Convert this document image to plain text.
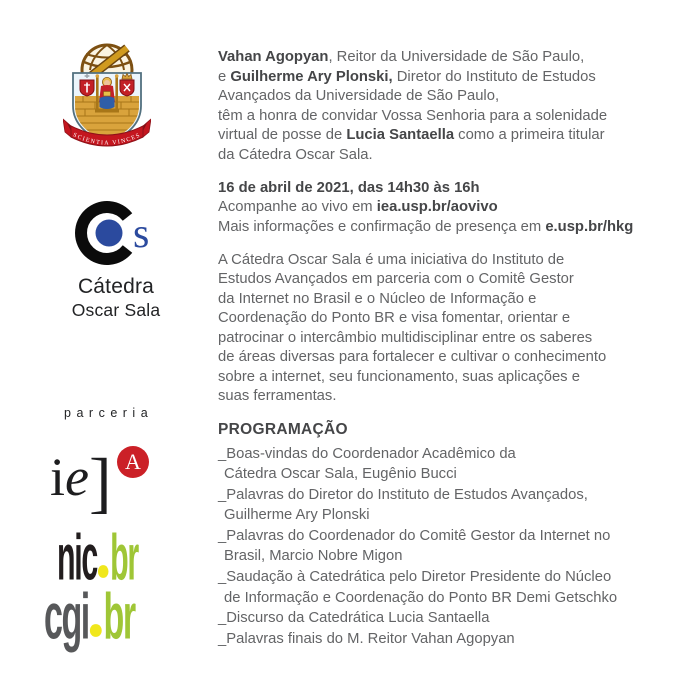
SCIENTIA VINCES
s
Cátedra
Oscar Sala
parceria
ie] A
nic br
cgi br
Vahan Agopyan, Reitor da Universidade de São Paulo,
e Guilherme Ary Plonski, Diretor do Instituto de Estudos
Avançados da Universidade de São Paulo,
têm a honra de convidar Vossa Senhoria para a solenidade
virtual de posse de Lucia Santaella como a primeira titular
da Cátedra Oscar Sala.
16 de abril de 2021, das 14h30 às 16h
Acompanhe ao vivo em iea.usp.br/aovivo
Mais informações e confirmação de presença em e.usp.br/hkg
A Cátedra Oscar Sala é uma iniciativa do Instituto de
Estudos Avançados em parceria com o Comitê Gestor
da Internet no Brasil e o Núcleo de Informação e
Coordenação do Ponto BR e visa fomentar, orientar e
patrocinar o intercâmbio multidisciplinar entre os saberes
de áreas diversas para fortalecer e cultivar o conhecimento
sobre a internet, seu funcionamento, suas aplicações e
suas ferramentas.
PROGRAMAÇÃO
_Boas-vindas do Coordenador Acadêmico da
Cátedra Oscar Sala, Eugênio Bucci
_Palavras do Diretor do Instituto de Estudos Avançados,
Guilherme Ary Plonski
_Palavras do Coordenador do Comitê Gestor da Internet no
Brasil, Marcio Nobre Migon
_Saudação à Catedrática pelo Diretor Presidente do Núcleo
de Informação e Coordenação do Ponto BR Demi Getschko
_Discurso da Catedrática Lucia Santaella
_Palavras finais do M. Reitor Vahan Agopyan
